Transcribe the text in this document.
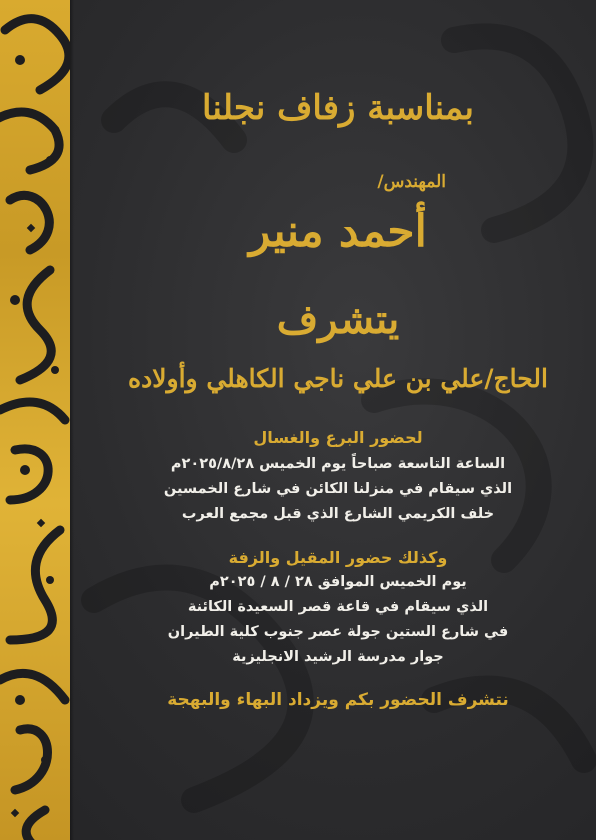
بمناسبة زفاف نجلنا
المهندس/
أحمد منير
يتشرف
الحاج/علي بن علي ناجي الكاهلي وأولاده
لحضور البرع والغسال
الساعة التاسعة صباحاً يوم الخميس ٢٠٢٥/٨/٢٨م
الذي سيقام في منزلنا الكائن في شارع الخمسين
خلف الكريمي الشارع الذي قبل مجمع العرب
وكذلك حضور المقيل والزفة
يوم الخميس الموافق ٢٨ / ٨ / ٢٠٢٥م
الذي سيقام في قاعة قصر السعيدة الكائنة
في شارع الستين جولة عصر جنوب كلية الطيران
جوار مدرسة الرشيد الانجليزية
نتشرف الحضور بكم ويزداد البهاء والبهجة
